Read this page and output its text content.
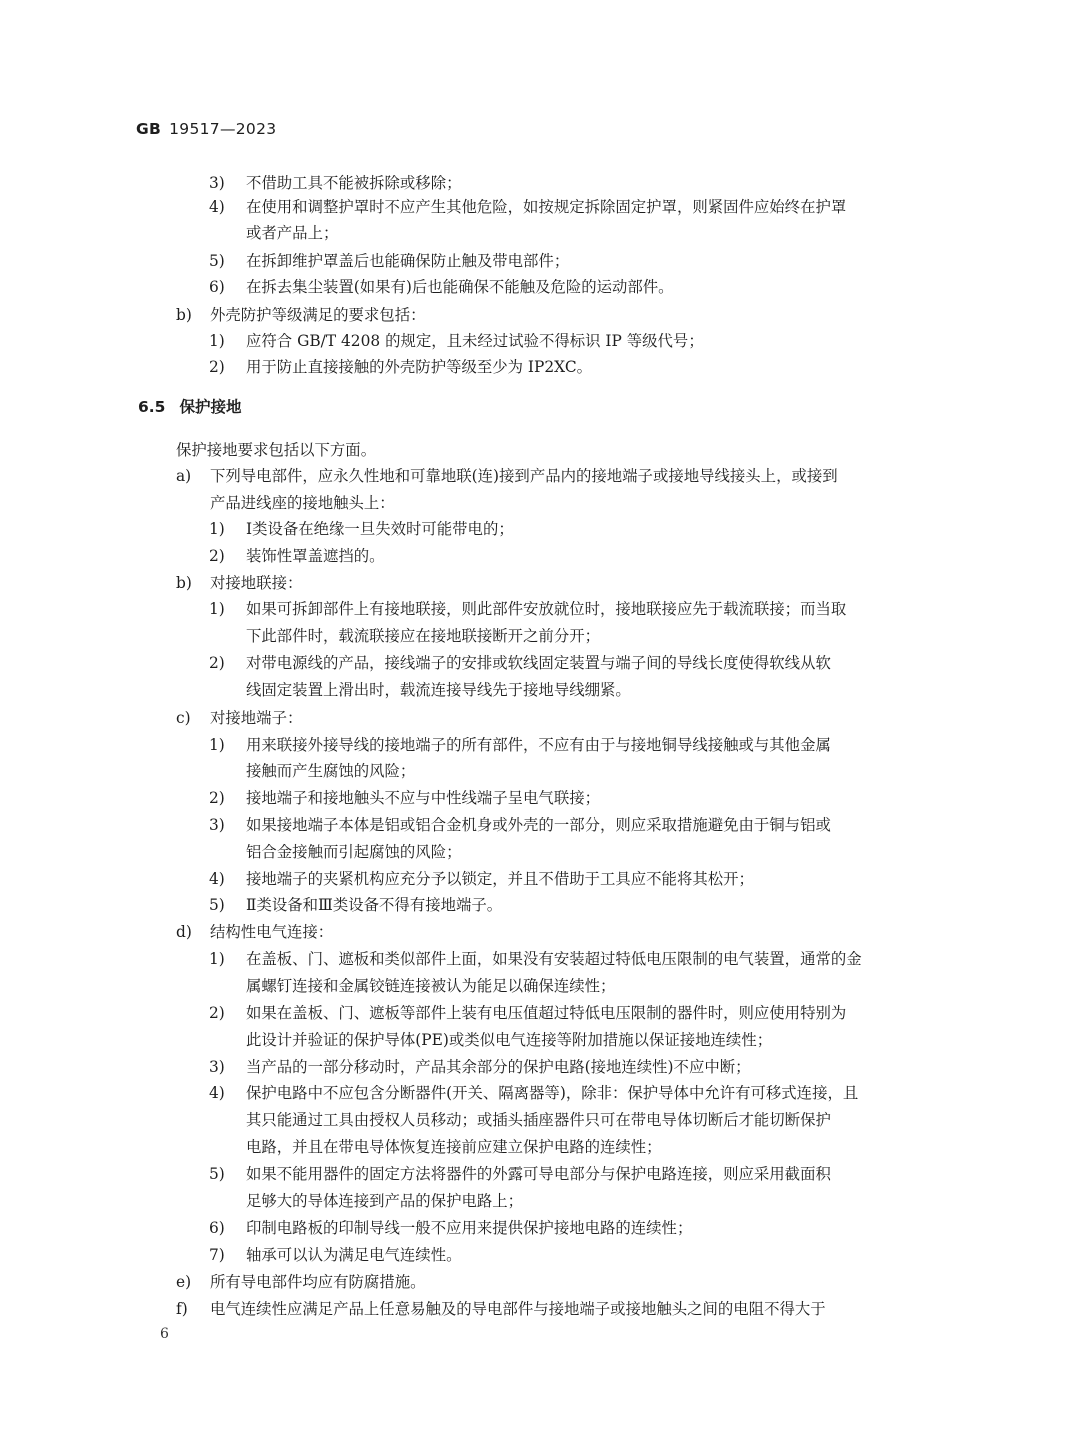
GB 19517—2023
6.5 保护接地
保护接地要求包括以下方面。
3) 不借助工具不能被拆除或移除；
4) 在使用和调整护罩时不应产生其他危险，如按规定拆除固定护罩，则紧固件应始终在护罩
或者产品上；
5) 在拆卸维护罩盖后也能确保防止触及带电部件；
6) 在拆去集尘装置(如果有)后也能确保不能触及危险的运动部件。
b) 外壳防护等级满足的要求包括：
1) 应符合 GB/T 4208 的规定，且未经过试验不得标识 IP 等级代号；
2) 用于防止直接接触的外壳防护等级至少为 IP2XC。
a) 下列导电部件，应永久性地和可靠地联(连)接到产品内的接地端子或接地导线接头上，或接到
产品进线座的接地触头上：
1) Ⅰ类设备在绝缘一旦失效时可能带电的；
2) 装饰性罩盖遮挡的。
b) 对接地联接：
1) 如果可拆卸部件上有接地联接，则此部件安放就位时，接地联接应先于载流联接；而当取
下此部件时，载流联接应在接地联接断开之前分开；
2) 对带电源线的产品，接线端子的安排或软线固定装置与端子间的导线长度使得软线从软
线固定装置上滑出时，载流连接导线先于接地导线绷紧。
c) 对接地端子：
1) 用来联接外接导线的接地端子的所有部件，不应有由于与接地铜导线接触或与其他金属
接触而产生腐蚀的风险；
2) 接地端子和接地触头不应与中性线端子呈电气联接；
3) 如果接地端子本体是铝或铝合金机身或外壳的一部分，则应采取措施避免由于铜与铝或
铝合金接触而引起腐蚀的风险；
4) 接地端子的夹紧机构应充分予以锁定，并且不借助于工具应不能将其松开；
5) Ⅱ类设备和Ⅲ类设备不得有接地端子。
d) 结构性电气连接：
1) 在盖板、门、遮板和类似部件上面，如果没有安装超过特低电压限制的电气装置，通常的金
属螺钉连接和金属铰链连接被认为能足以确保连续性；
2) 如果在盖板、门、遮板等部件上装有电压值超过特低电压限制的器件时，则应使用特别为
此设计并验证的保护导体(PE)或类似电气连接等附加措施以保证接地连续性；
3) 当产品的一部分移动时，产品其余部分的保护电路(接地连续性)不应中断；
4) 保护电路中不应包含分断器件(开关、隔离器等)，除非：保护导体中允许有可移式连接，且
其只能通过工具由授权人员移动；或插头插座器件只可在带电导体切断后才能切断保护
电路，并且在带电导体恢复连接前应建立保护电路的连续性；
5) 如果不能用器件的固定方法将器件的外露可导电部分与保护电路连接，则应采用截面积
足够大的导体连接到产品的保护电路上；
6) 印制电路板的印制导线一般不应用来提供保护接地电路的连续性；
7) 轴承可以认为满足电气连续性。
e) 所有导电部件均应有防腐措施。
f) 电气连续性应满足产品上任意易触及的导电部件与接地端子或接地触头之间的电阻不得大于
6
